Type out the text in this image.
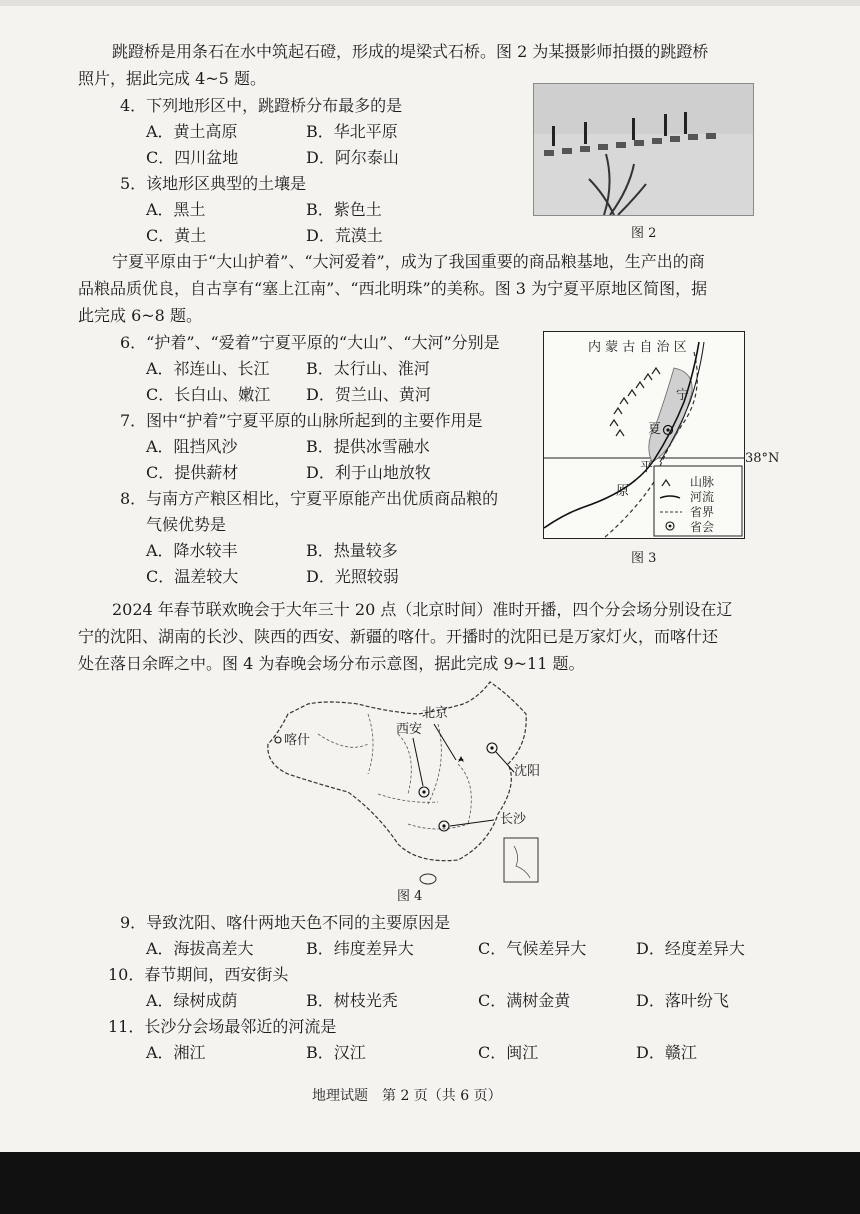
跳蹬桥是用条石在水中筑起石磴，形成的堤梁式石桥。图 2 为某摄影师拍摄的跳蹬桥
照片，据此完成 4~5 题。
4．下列地形区中，跳蹬桥分布最多的是
A．黄土高原	B．华北平原
C．四川盆地	D．阿尔泰山
5．该地形区典型的土壤是
A．黑土	B．紫色土
C．黄土	D．荒漠土	图 2
宁夏平原由于“大山护着”、“大河爱着”，成为了我国重要的商品粮基地，生产出的商
品粮品质优良，自古享有“塞上江南”、“西北明珠”的美称。图 3 为宁夏平原地区简图，据
此完成 6~8 题。
6．“护着”、“爱着”宁夏平原的“大山”、“大河”分别是
A．祁连山、长江 B．太行山、淮河
C．长白山、嫩江 D．贺兰山、黄河
7．图中“护着”宁夏平原的山脉所起到的主要作用是
A．阻挡风沙	B．提供冰雪融水
C．提供薪材	D．利于山地放牧
8．与南方产粮区相比，宁夏平原能产出优质商品粮的
气候优势是
A．降水较丰	B．热量较多
C．温差较大	D．光照较弱
内 蒙 古 自 治 区
宁
夏
平
原
山脉
河流
省界
省会
38°N
图 3
2024 年春节联欢晚会于大年三十 20 点（北京时间）准时开播，四个分会场分别设在辽
宁的沈阳、湖南的长沙、陕西的西安、新疆的喀什。开播时的沈阳已是万家灯火，而喀什还
处在落日余晖之中。图 4 为春晚会场分布示意图，据此完成 9~11 题。
喀什
西安
北京
沈阳
长沙
图 4
9．导致沈阳、喀什两地天色不同的主要原因是
A．海拔高差大	B．纬度差异大	C．气候差异大	D．经度差异大
10．春节期间，西安街头
A．绿树成荫	B．树枝光秃	C．满树金黄	D．落叶纷飞
11．长沙分会场最邻近的河流是
A．湘江	B．汉江	C．闽江	D．赣江
地理试题　第 2 页（共 6 页）
